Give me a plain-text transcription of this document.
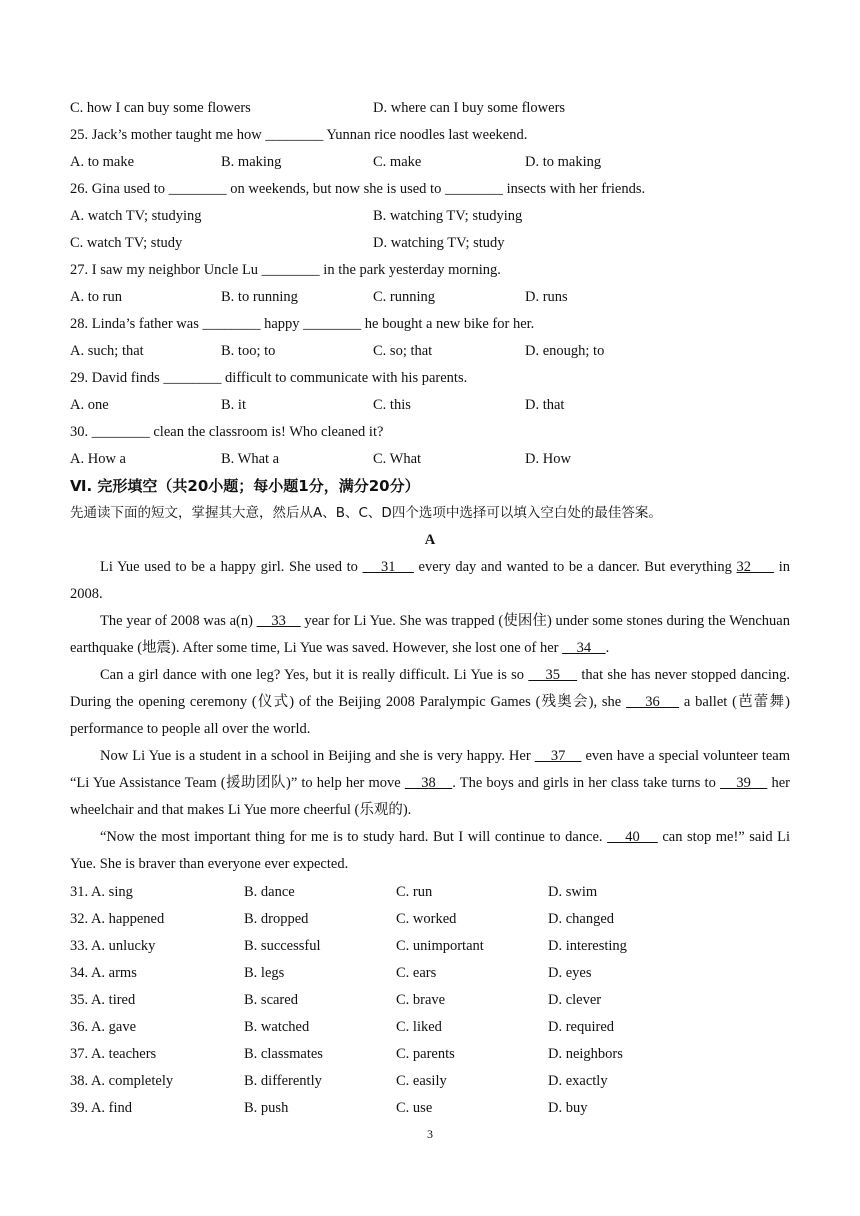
C. how I can buy some flowers	D. where can I buy some flowers
25. Jack’s mother taught me how ________ Yunnan rice noodles last weekend.
A. to make	B. making	C. make	D. to making
26. Gina used to ________ on weekends, but now she is used to ________ insects with her friends.
A. watch TV; studying	B. watching TV; studying
C. watch TV; study	D. watching TV; study
27. I saw my neighbor Uncle Lu ________ in the park yesterday morning.
A. to run	B. to running	C. running	D. runs
28. Linda’s father was ________ happy ________ he bought a new bike for her.
A. such; that	B. too; to	C. so; that	D. enough; to
29. David finds ________ difficult to communicate with his parents.
A. one	B. it	C. this	D. that
30. ________ clean the classroom is! Who cleaned it?
A. How a	B. What a	C. What	D. How
Ⅵ. 完形填空（共20小题；每小题1分，满分20分）
先通读下面的短文，掌握其大意，然后从A、B、C、D四个选项中选择可以填入空白处的最佳答案。
A

Li Yue used to be a happy girl. She used to     31     every day and wanted to be a dancer. But everything 32      in 2008.

The year of 2008 was a(n)     33     year for Li Yue. She was trapped (使困住) under some stones during the Wenchuan earthquake (地震). After some time, Li Yue was saved. However, she lost one of her     34    .

Can a girl dance with one leg? Yes, but it is really difficult. Li Yue is so     35     that she has never stopped dancing. During the opening ceremony (仪式) of the Beijing 2008 Paralympic Games (残奥会), she     36     a ballet (芭蕾舞) performance to people all over the world.

Now Li Yue is a student in a school in Beijing and she is very happy. Her     37     even have a special volunteer team “Li Yue Assistance Team (援助团队)” to help her move     38    . The boys and girls in her class take turns to     39     her wheelchair and that makes Li Yue more cheerful (乐观的).

“Now the most important thing for me is to study hard. But I will continue to dance.     40     can stop me!” said Li Yue. She is braver than everyone ever expected.

31. A. sing	B. dance	C. run	D. swim
32. A. happened	B. dropped	C. worked	D. changed
33. A. unlucky	B. successful	C. unimportant	D. interesting
34. A. arms	B. legs	C. ears	D. eyes
35. A. tired	B. scared	C. brave	D. clever
36. A. gave	B. watched	C. liked	D. required
37. A. teachers	B. classmates	C. parents	D. neighbors
38. A. completely	B. differently	C. easily	D. exactly
39. A. find	B. push	C. use	D. buy
3
